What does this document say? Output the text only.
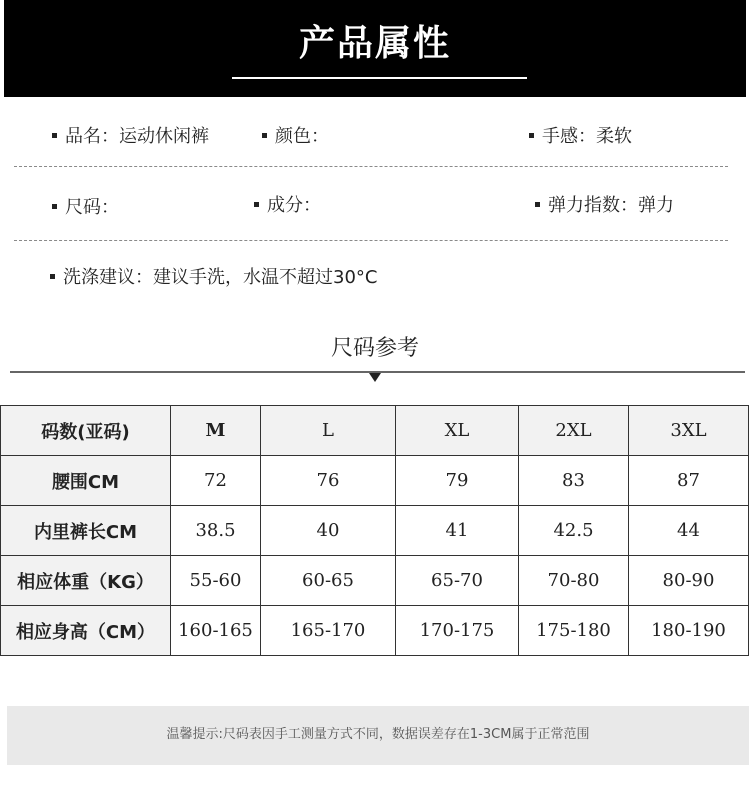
产品属性
品名：运动休闲裤	颜色：	手感：柔软
尺码：	成分：	弹力指数：弹力
洗涤建议：建议手洗，水温不超过30°C
尺码参考
码数(亚码)	M	L	XL	2XL	3XL
腰围CM	72	76	79	83	87
内里裤长CM	38.5	40	41	42.5	44
相应体重（KG）	55-60	60-65	65-70	70-80	80-90
相应身高（CM）	160-165	165-170	170-175	175-180	180-190
温馨提示:尺码表因手工测量方式不同，数据误差存在1-3CM属于正常范围
